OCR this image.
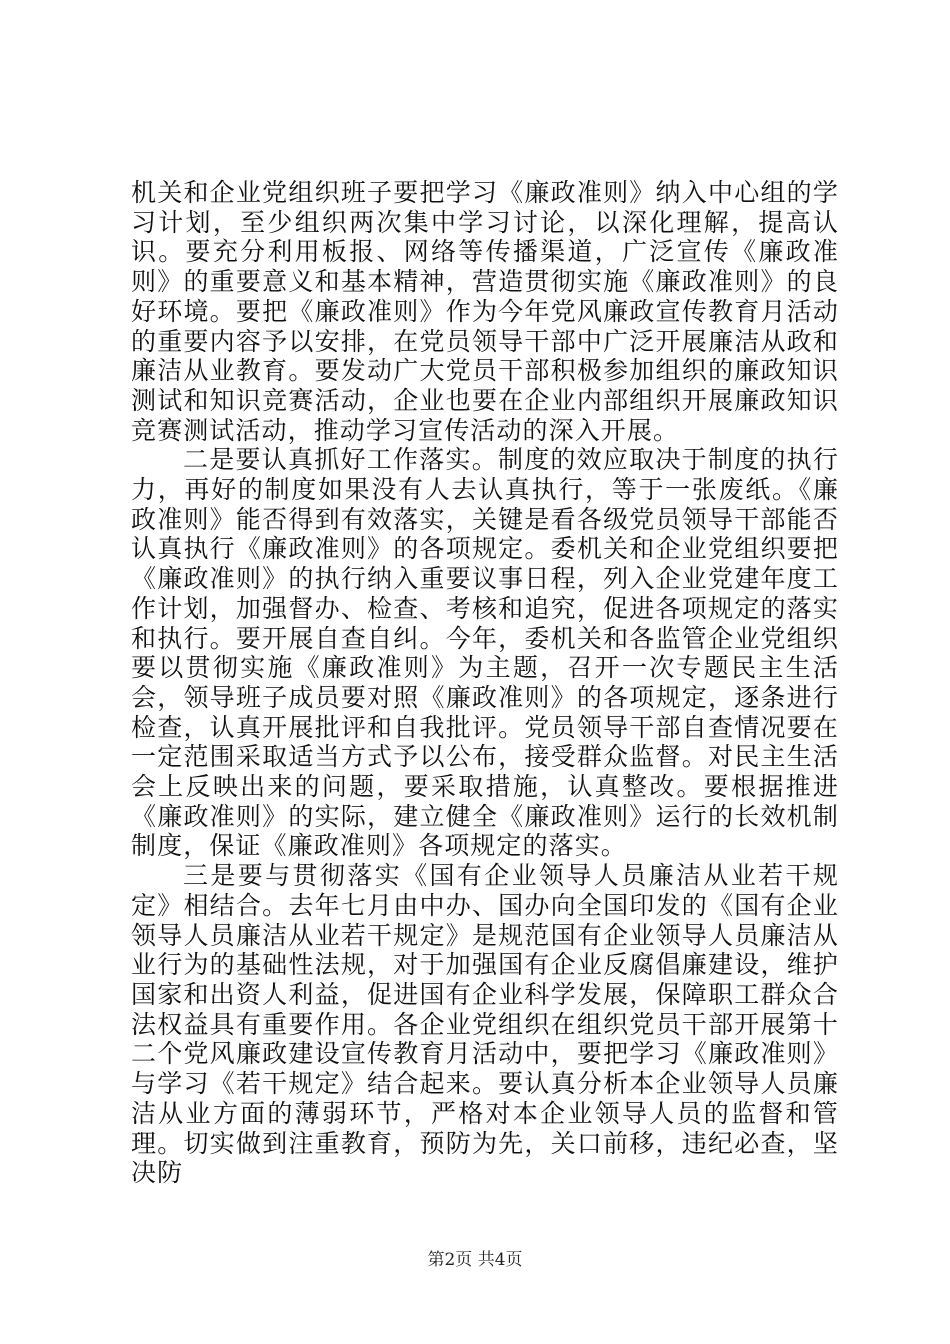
机关和企业党组织班子要把学习《廉政准则》纳入中心组的学习计划，至少组织两次集中学习讨论，以深化理解，提高认识。要充分利用板报、网络等传播渠道，广泛宣传《廉政准则》的重要意义和基本精神，营造贯彻实施《廉政准则》的良好环境。要把《廉政准则》作为今年党风廉政宣传教育月活动的重要内容予以安排，在党员领导干部中广泛开展廉洁从政和廉洁从业教育。要发动广大党员干部积极参加组织的廉政知识测试和知识竞赛活动，企业也要在企业内部组织开展廉政知识竞赛测试活动，推动学习宣传活动的深入开展。

二是要认真抓好工作落实。制度的效应取决于制度的执行力，再好的制度如果没有人去认真执行，等于一张废纸。《廉政准则》能否得到有效落实，关键是看各级党员领导干部能否认真执行《廉政准则》的各项规定。委机关和企业党组织要把《廉政准则》的执行纳入重要议事日程，列入企业党建年度工作计划，加强督办、检查、考核和追究，促进各项规定的落实和执行。要开展自查自纠。今年，委机关和各监管企业党组织要以贯彻实施《廉政准则》为主题，召开一次专题民主生活会，领导班子成员要对照《廉政准则》的各项规定，逐条进行检查，认真开展批评和自我批评。党员领导干部自查情况要在一定范围采取适当方式予以公布，接受群众监督。对民主生活会上反映出来的问题，要采取措施，认真整改。要根据推进《廉政准则》的实际，建立健全《廉政准则》运行的长效机制制度，保证《廉政准则》各项规定的落实。

三是要与贯彻落实《国有企业领导人员廉洁从业若干规定》相结合。去年七月由中办、国办向全国印发的《国有企业领导人员廉洁从业若干规定》是规范国有企业领导人员廉洁从业行为的基础性法规，对于加强国有企业反腐倡廉建设，维护国家和出资人利益，促进国有企业科学发展，保障职工群众合法权益具有重要作用。各企业党组织在组织党员干部开展第十二个党风廉政建设宣传教育月活动中，要把学习《廉政准则》与学习《若干规定》结合起来。要认真分析本企业领导人员廉洁从业方面的薄弱环节，严格对本企业领导人员的监督和管理。切实做到注重教育，预防为先，关口前移，违纪必查，坚决防

第2页 共4页
